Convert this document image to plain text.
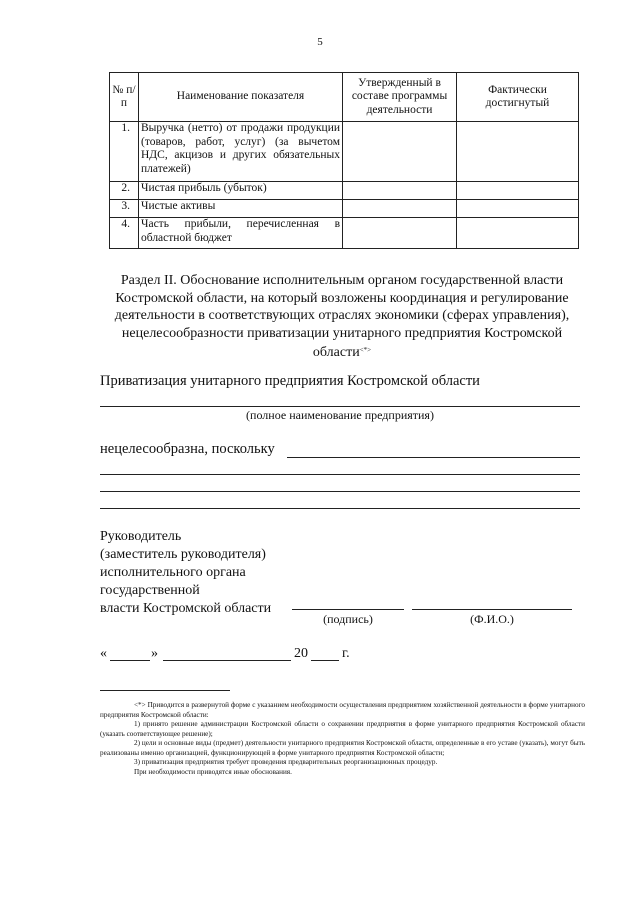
5
№ п/п	Наименование показателя	Утвержденный в составе программы деятельности	Фактически достигнутый
1.	Выручка (нетто) от продажи продукции (товаров, работ, услуг) (за вычетом НДС, акцизов и других обязательных платежей)		
2.	Чистая прибыль (убыток)		
3.	Чистые активы		
4.	Часть прибыли, перечисленная в областной бюджет		
Раздел II. Обоснование исполнительным органом государственной власти Костромской области, на который возложены координация и регулирование деятельности в соответствующих отраслях экономики (сферах управления), нецелесообразности приватизации унитарного предприятия Костромской области<*>
Приватизация унитарного предприятия Костромской области
(полное наименование предприятия)
нецелесообразна, поскольку
Руководитель
(заместитель руководителя)
исполнительного органа
государственной
власти Костромской области
(подпись)	(Ф.И.О.)
«	»	20 г.

<*> Приводится в развернутой форме с указанием необходимости осуществления предприятием хозяйственной деятельности в форме унитарного предприятия Костромской области:

1) принято решение администрации Костромской области о сохранении предприятия в форме унитарного предприятия Костромской области (указать соответствующее решение);

2) цели и основные виды (предмет) деятельности унитарного предприятия Костромской области, определенные в его уставе (указать), могут быть реализованы именно организацией, функционирующей в форме унитарного предприятия Костромской области;

3) приватизация предприятия требует проведения предварительных реорганизационных процедур.

При необходимости приводятся иные обоснования.
